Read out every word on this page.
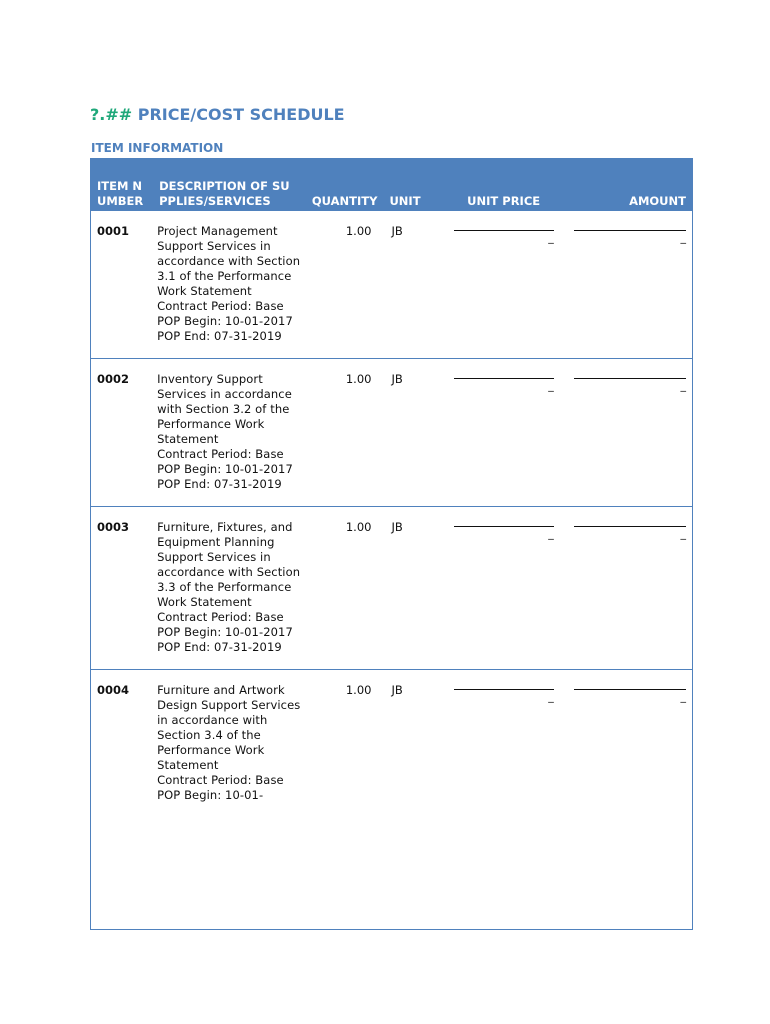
?.## PRICE/COST SCHEDULE
ITEM INFORMATION
ITEM NUMBER	DESCRIPTION OF SUPPLIES/SERVICES	QUANTITY	UNIT	UNIT PRICE	AMOUNT
0001	Project Management Support Services in accordance with Section 3.1 of the Performance Work Statement
Contract Period: Base
POP Begin: 10-01-2017
POP End: 07-31-2019	1.00	JB	_	_

0002	Inventory Support Services in accordance with Section 3.2 of the Performance Work Statement
Contract Period: Base
POP Begin: 10-01-2017
POP End: 07-31-2019	1.00	JB	_	_

0003	Furniture, Fixtures, and Equipment Planning Support Services in accordance with Section 3.3 of the Performance Work Statement
Contract Period: Base
POP Begin: 10-01-2017
POP End: 07-31-2019	1.00	JB	_	_

0004	Furniture and Artwork Design Support Services in accordance with Section 3.4 of the Performance Work Statement
Contract Period: Base
POP Begin: 10-01-	1.00	JB	_	_
